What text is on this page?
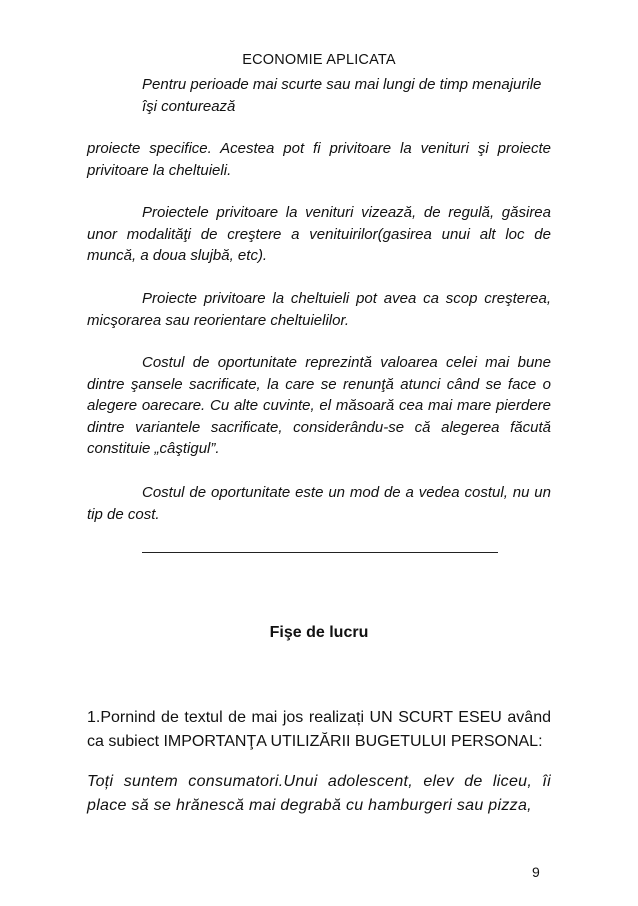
ECONOMIE APLICATA
Pentru perioade mai scurte sau mai lungi de timp menajurile
îşi conturează

proiecte specifice. Acestea pot fi privitoare la venituri şi proiecte privitoare la cheltuieli.

Proiectele privitoare la venituri vizează, de regulă, găsirea unor modalităţi de creştere a venituirilor(gasirea unui alt loc de muncă, a doua slujbă, etc).

Proiecte privitoare la cheltuieli pot avea ca scop creşterea, micşorarea sau reorientare cheltuielilor.

Costul de oportunitate reprezintă valoarea celei mai bune dintre şansele sacrificate, la care se renunţă atunci când se face o alegere oarecare. Cu alte cuvinte, el măsoară cea mai mare pierdere dintre variantele sacrificate, considerându-se că alegerea făcută constituie „câştigul”.

Costul de oportunitate este un mod de a vedea costul, nu un tip de cost.

Fişe de lucru

1.Pornind de textul de mai jos realizați UN SCURT ESEU având ca subiect IMPORTANŢA UTILIZĂRII BUGETULUI PERSONAL:

Toți suntem consumatori.Unui adolescent, elev de liceu, îi place să se hrănescă mai degrabă cu hamburgeri sau pizza,

9
